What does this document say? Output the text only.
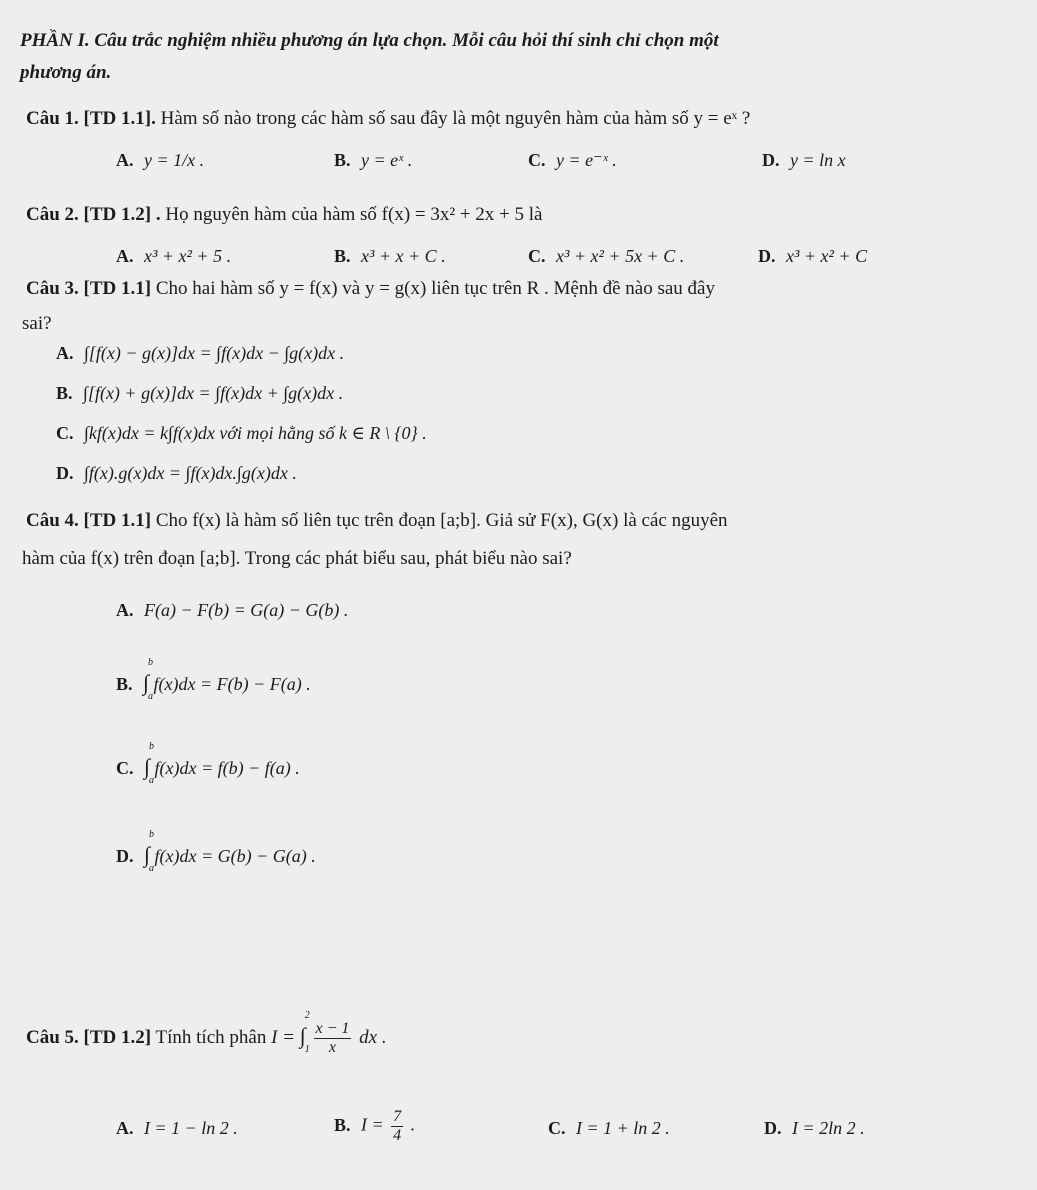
PHẦN I. Câu trắc nghiệm nhiều phương án lựa chọn. Mỗi câu hỏi thí sinh chỉ chọn một
phương án.
Câu 1. [TD 1.1]. Hàm số nào trong các hàm số sau đây là một nguyên hàm của hàm số y = eˣ ?
A. y = 1/x .	B. y = eˣ .	C. y = e⁻ˣ .	D. y = ln x
Câu 2. [TD 1.2] . Họ nguyên hàm của hàm số f(x) = 3x² + 2x + 5 là
A. x³ + x² + 5 .	B. x³ + x + C .	C. x³ + x² + 5x + C .	D. x³ + x² + C
Câu 3. [TD 1.1] Cho hai hàm số y = f(x) và y = g(x) liên tục trên R . Mệnh đề nào sau đây
sai?
A. ∫[f(x) − g(x)]dx = ∫f(x)dx − ∫g(x)dx .
B. ∫[f(x) + g(x)]dx = ∫f(x)dx + ∫g(x)dx .
C. ∫kf(x)dx = k∫f(x)dx với mọi hằng số k ∈ R \ {0} .
D. ∫f(x).g(x)dx = ∫f(x)dx.∫g(x)dx .
Câu 4. [TD 1.1] Cho f(x) là hàm số liên tục trên đoạn [a;b]. Giả sử F(x), G(x) là các nguyên
hàm của f(x) trên đoạn [a;b]. Trong các phát biểu sau, phát biểu nào sai?
A. F(a) − F(b) = G(a) − G(b) .
B. ∫
b
a
f(x)dx = F(b) − F(a) .
C. ∫
b
a
f(x)dx = f(b) − f(a) .
D. ∫
b
a
f(x)dx = G(b) − G(a) .
Câu 5. [TD 1.2] Tính tích phân I = ∫
2
1
$\frac{x - 1}{x}$ dx .
A. I = 1 − ln 2 .	B. $I = \frac{7}{4}$ .	C. I = 1 + ln 2 .	D. I = 2ln 2 .
